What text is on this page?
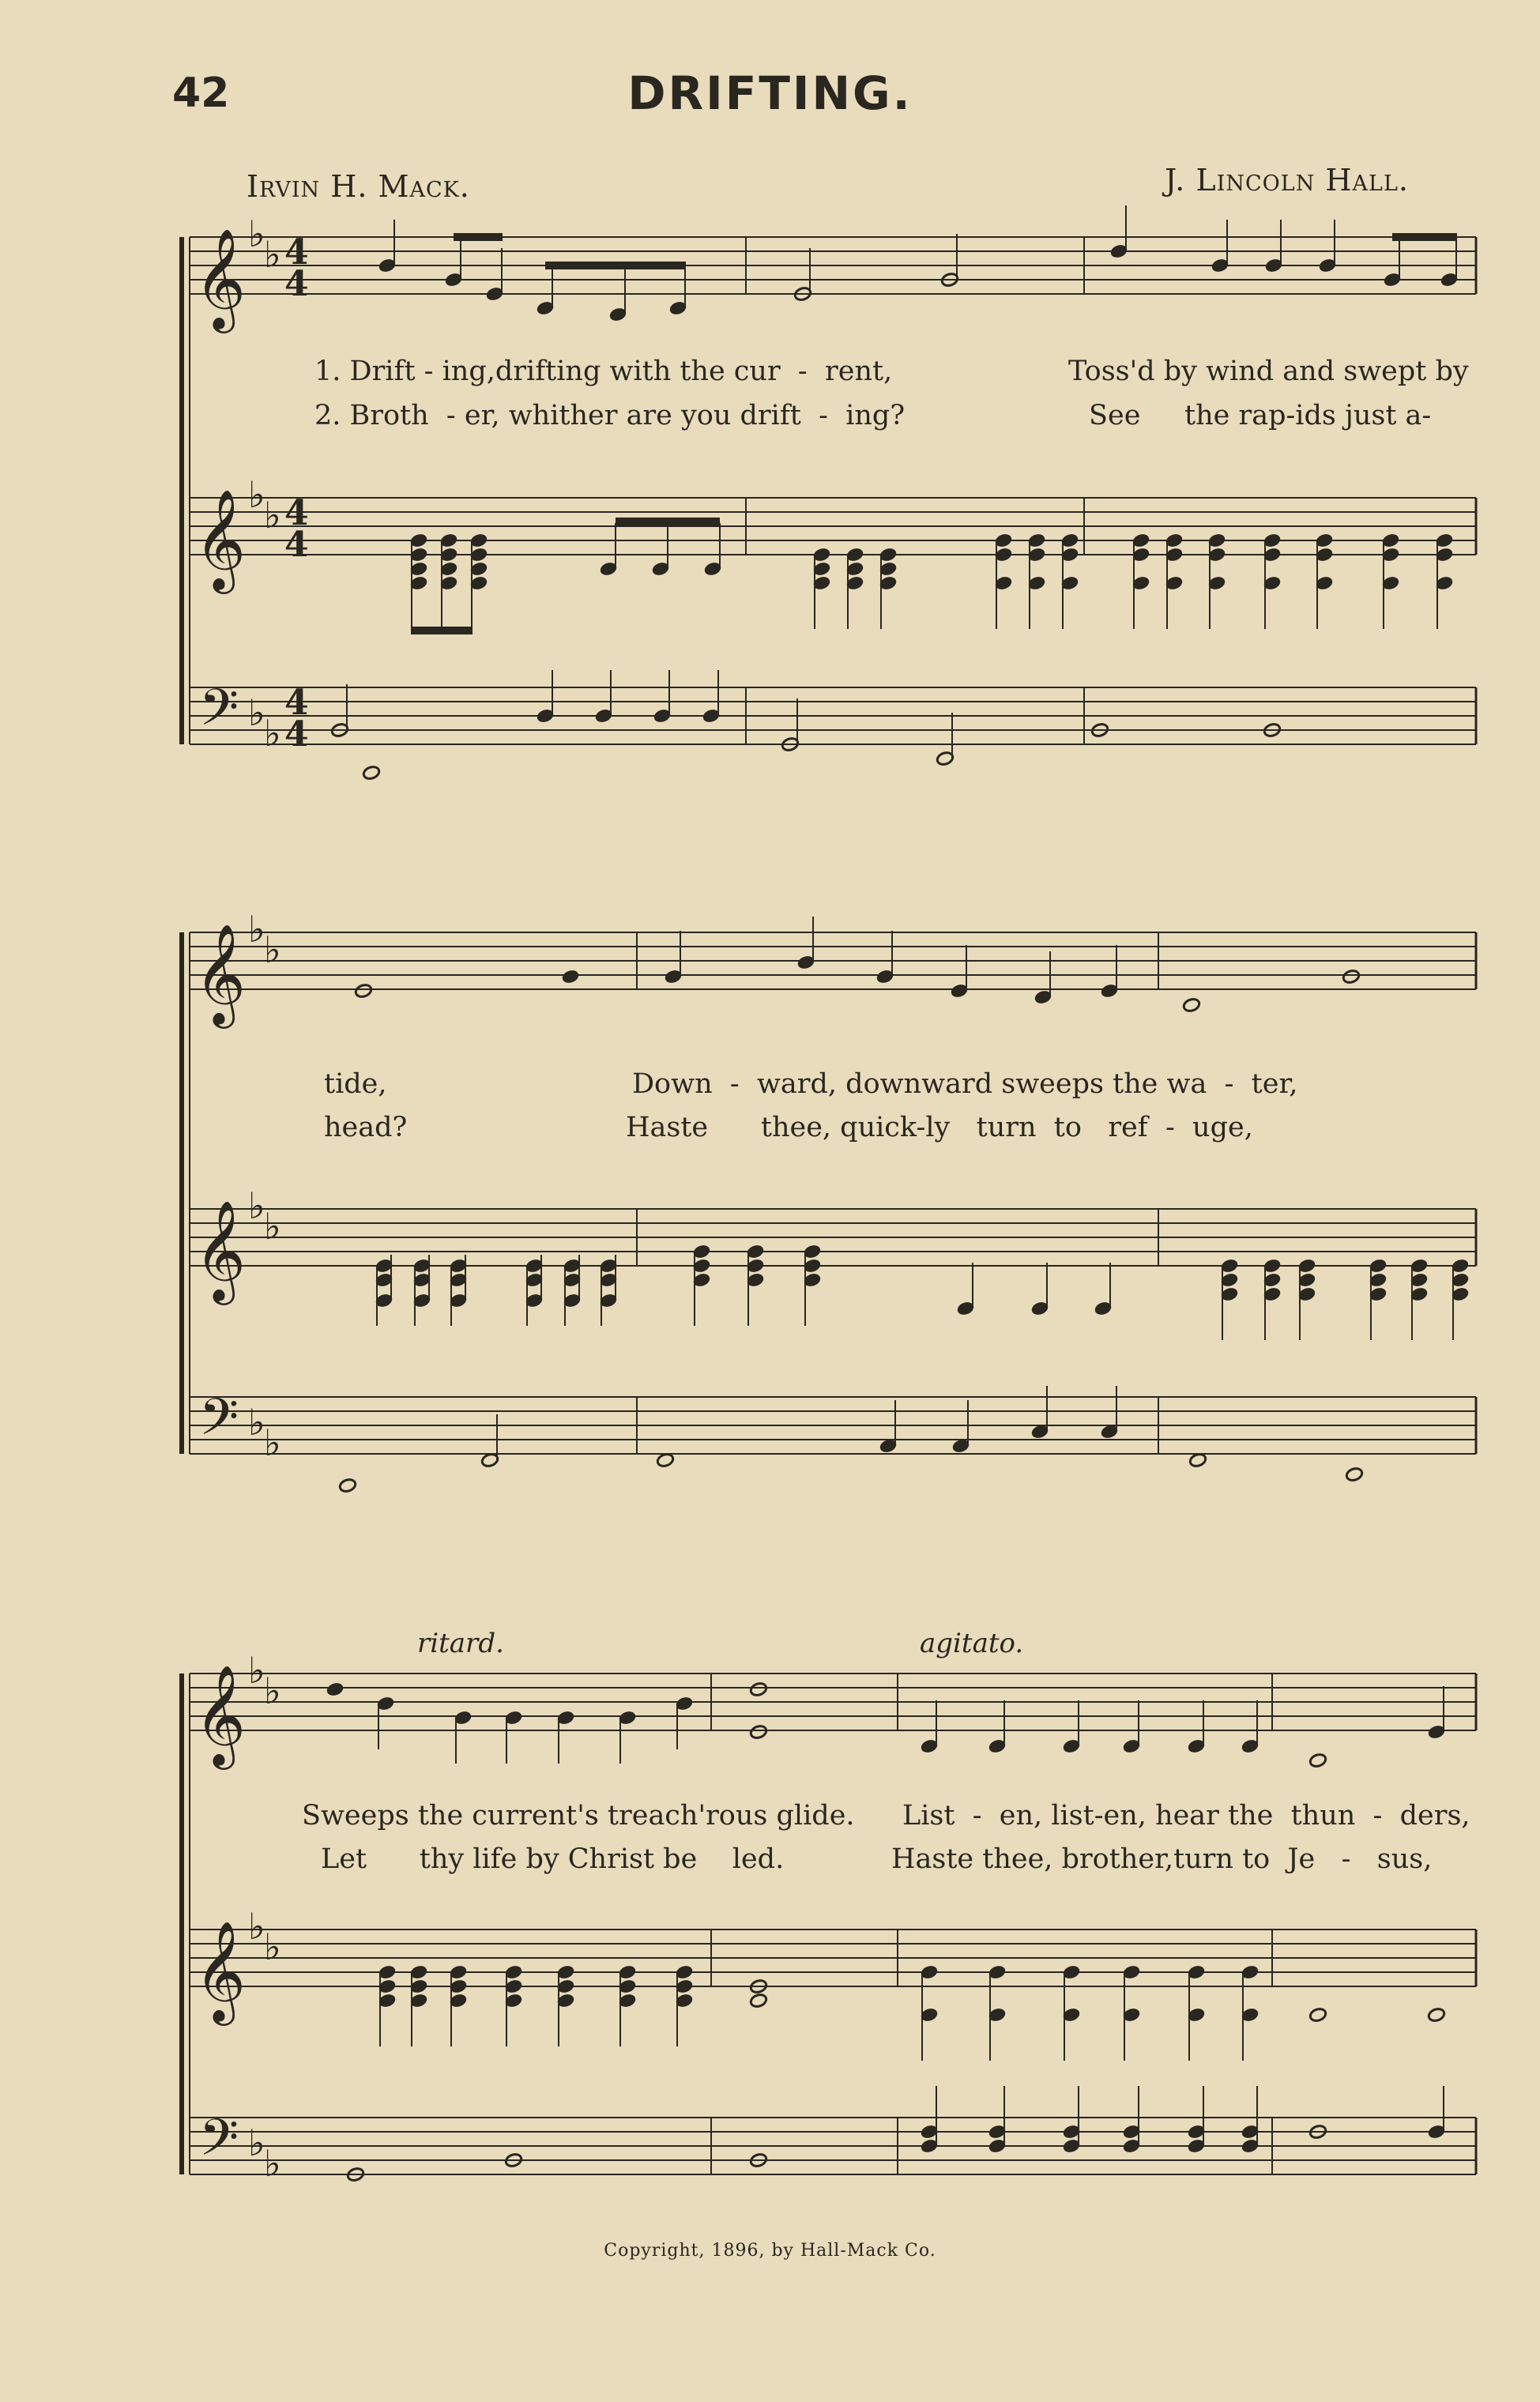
42	DRIFTING.
Irvin H. Mack.	J. Lincoln Hall.
𝄞 ♭
♭ 4
4
𝄞 ♭
♭ 4
4
𝄢 ♭
♭
4
4
𝄞 ♭
♭
𝄞 ♭
♭
𝄢 ♭
♭
𝄞 ♭
♭
𝄞 ♭
♭
𝄢 ♭
♭
1. Drift - ing,drifting with the cur  -  rent,	Toss'd by wind and swept by
2. Broth  - er, whither are you drift  -  ing?	See     the rap-ids just a-
tide,	Down  -  ward, downward sweeps the wa  -  ter,
head?	Haste      thee, quick-ly   turn  to   ref  -  uge,
ritard.	agitato.
Sweeps the current's treach'rous glide. List  -  en, list-en, hear the  thun  -  ders,
Let      thy life by Christ be    led.	Haste thee, brother,turn to  Je   -   sus,
Copyright, 1896, by Hall-Mack Co.
